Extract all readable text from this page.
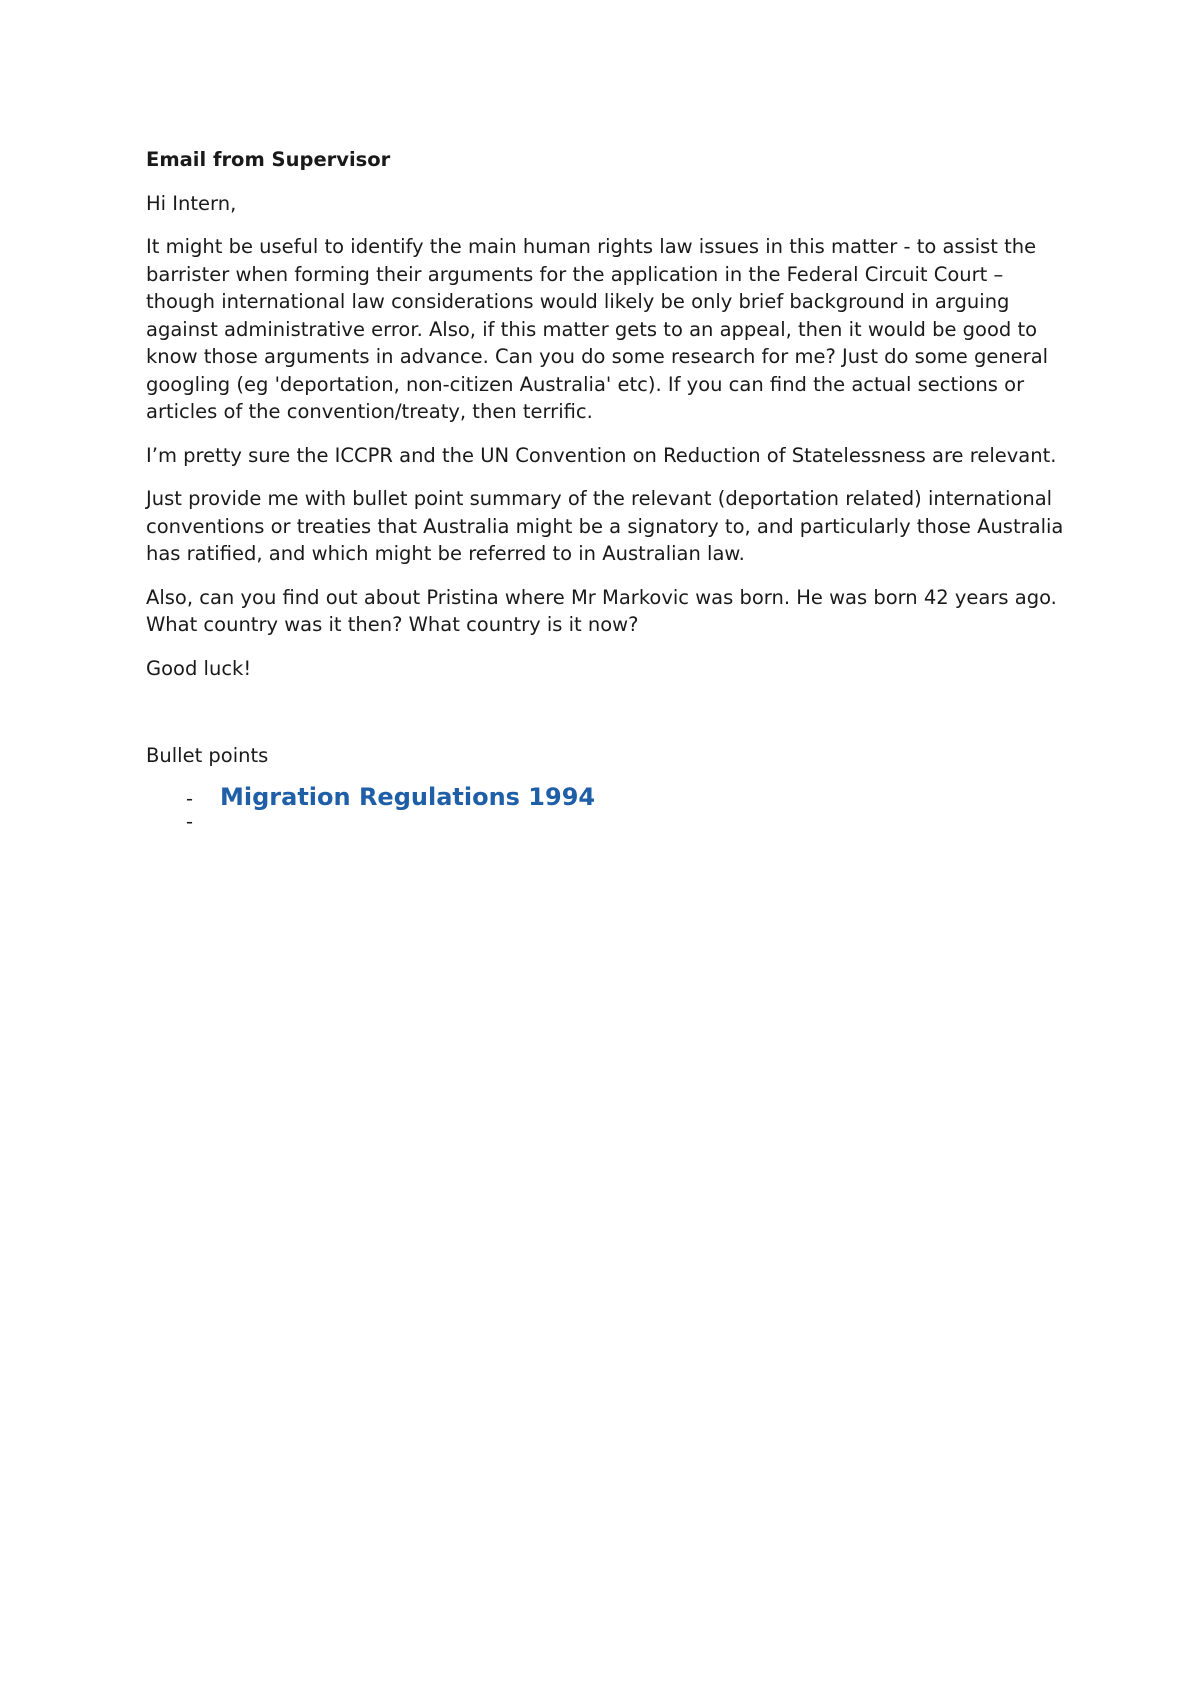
Email from Supervisor

Hi Intern,

It might be useful to identify the main human rights law issues in this matter - to assist the barrister when forming their arguments for the application in the Federal Circuit Court – though international law considerations would likely be only brief background in arguing against administrative error. Also, if this matter gets to an appeal, then it would be good to know those arguments in advance. Can you do some research for me? Just do some general googling (eg 'deportation, non-citizen Australia' etc). If you can find the actual sections or articles of the convention/treaty, then terrific.

I’m pretty sure the ICCPR and the UN Convention on Reduction of Statelessness are relevant.

Just provide me with bullet point summary of the relevant (deportation related) international conventions or treaties that Australia might be a signatory to, and particularly those Australia has ratified, and which might be referred to in Australian law.

Also, can you find out about Pristina where Mr Markovic was born. He was born 42 years ago. What country was it then? What country is it now?

Good luck!

Bullet points

-	Migration Regulations 1994
-
